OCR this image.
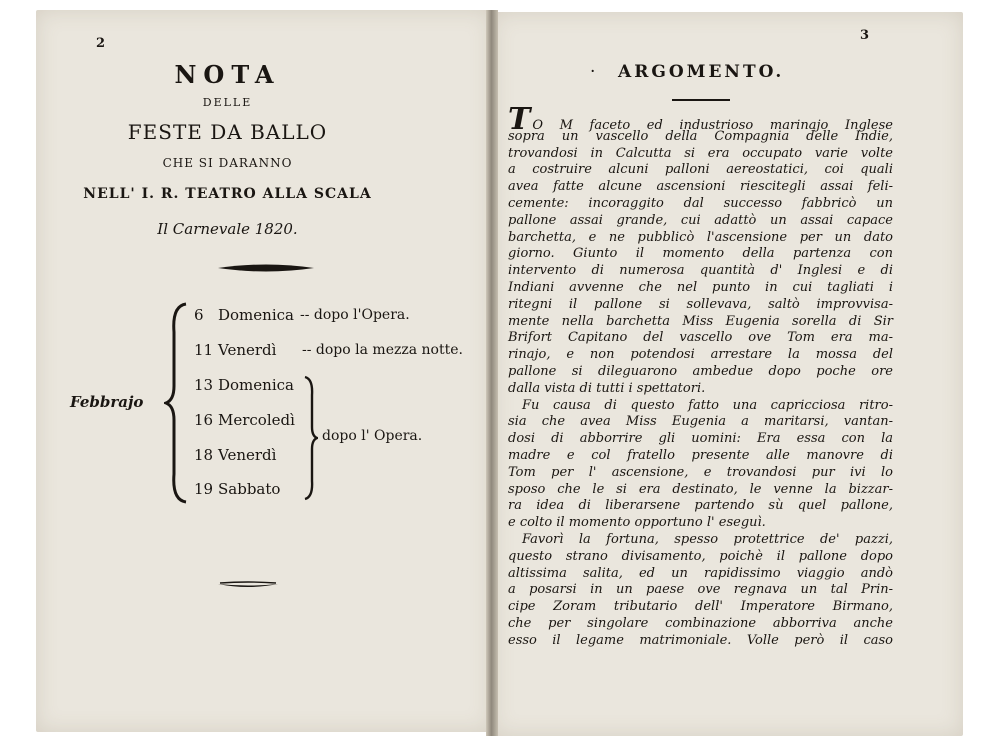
2
NOTA
DELLE
FESTE DA BALLO
CHE SI DARANNO
NELL' I. R. TEATRO ALLA SCALA
Il Carnevale 1820.
Febbrajo
6 Domenica -- dopo l'Opera.
11 Venerdì -- dopo la mezza notte.
13 Domenica
16 Mercoledì
18 Venerdì
19 Sabbato
dopo l' Opera.
3
· ARGOMENTO.
T O M faceto ed industrioso marinajo Inglese
sopra un vascello della Compagnia delle Indie,
trovandosi in Calcutta si era occupato varie volte
a costruire alcuni palloni aereostatici, coi quali
avea fatte alcune ascensioni riescitegli assai feli-
cemente: incoraggito dal successo fabbricò un
pallone assai grande, cui adattò un assai capace
barchetta, e ne pubblicò l'ascensione per un dato
giorno. Giunto il momento della partenza con
intervento di numerosa quantità d' Inglesi e di
Indiani avvenne che nel punto in cui tagliati i
ritegni il pallone si sollevava, saltò improvvisa-
mente nella barchetta Miss Eugenia sorella di Sir
Brifort Capitano del vascello ove Tom era ma-
rinajo, e non potendosi arrestare la mossa del
pallone si dileguarono ambedue dopo poche ore
dalla vista di tutti i spettatori.
Fu causa di questo fatto una capricciosa ritro-
sia che avea Miss Eugenia a maritarsi, vantan-
dosi di abborrire gli uomini: Era essa con la
madre e col fratello presente alle manovre di
Tom per l' ascensione, e trovandosi pur ivi lo
sposo che le si era destinato, le venne la bizzar-
ra idea di liberarsene partendo sù quel pallone,
e colto il momento opportuno l' eseguì.
Favorì la fortuna, spesso protettrice de' pazzi,
questo strano divisamento, poichè il pallone dopo
altissima salita, ed un rapidissimo viaggio andò
a posarsi in un paese ove regnava un tal Prin-
cipe Zoram tributario dell' Imperatore Birmano,
che per singolare combinazione abborriva anche
esso il legame matrimoniale. Volle però il caso
